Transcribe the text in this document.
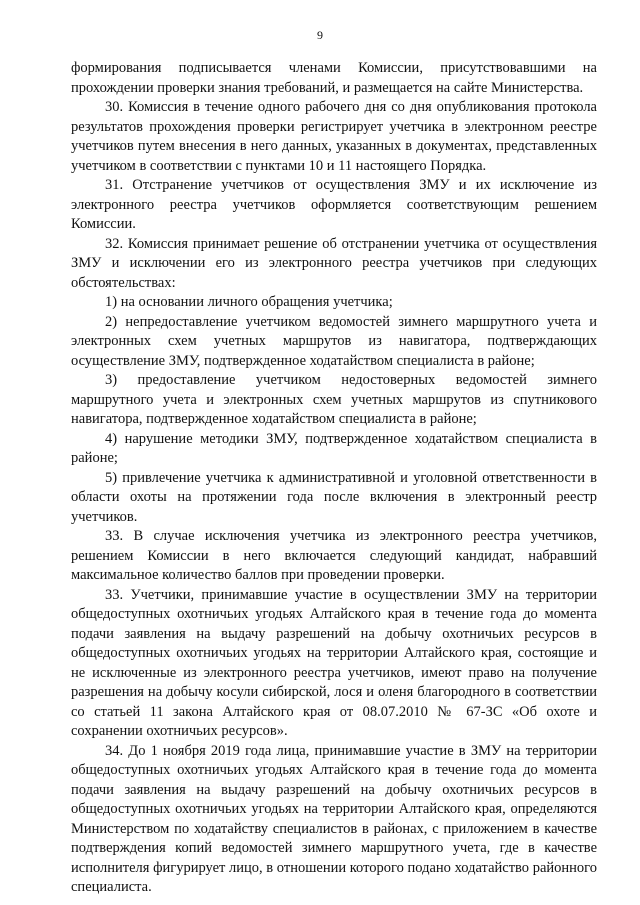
9

формирования подписывается членами Комиссии, присутствовавшими на прохождении проверки знания требований, и размещается на сайте Министерства.

30. Комиссия в течение одного рабочего дня со дня опубликования протокола результатов прохождения проверки регистрирует учетчика в электронном реестре учетчиков путем внесения в него данных, указанных в документах, представленных учетчиком в соответствии с пунктами 10 и 11 настоящего Порядка.

31. Отстранение учетчиков от осуществления ЗМУ и их исключение из электронного реестра учетчиков оформляется соответствующим решением Комиссии.

32. Комиссия принимает решение об отстранении учетчика от осуществления ЗМУ и исключении его из электронного реестра учетчиков при следующих обстоятельствах:

1) на основании личного обращения учетчика;

2) непредоставление учетчиком ведомостей зимнего маршрутного учета и электронных схем учетных маршрутов из навигатора, подтверждающих осуществление ЗМУ, подтвержденное ходатайством специалиста в районе;

3) предоставление учетчиком недостоверных ведомостей зимнего маршрутного учета и электронных схем учетных маршрутов из спутникового навигатора, подтвержденное ходатайством специалиста в районе;

4) нарушение методики ЗМУ, подтвержденное ходатайством специалиста в районе;

5) привлечение учетчика к административной и уголовной ответственности в области охоты на протяжении года после включения в электронный реестр учетчиков.

33. В случае исключения учетчика из электронного реестра учетчиков, решением Комиссии в него включается следующий кандидат, набравший максимальное количество баллов при проведении проверки.

33. Учетчики, принимавшие участие в осуществлении ЗМУ на территории общедоступных охотничьих угодьях Алтайского края в течение года до момента подачи заявления на выдачу разрешений на добычу охотничьих ресурсов в общедоступных охотничьих угодьях на территории Алтайского края, состоящие и не исключенные из электронного реестра учетчиков, имеют право на получение разрешения на добычу косули сибирской, лося и оленя благородного в соответствии со статьей 11 закона Алтайского края от 08.07.2010 № 67-ЗС «Об охоте и сохранении охотничьих ресурсов».

34. До 1 ноября 2019 года лица, принимавшие участие в ЗМУ на территории общедоступных охотничьих угодьях Алтайского края в течение года до момента подачи заявления на выдачу разрешений на добычу охотничьих ресурсов в общедоступных охотничьих угодьях на территории Алтайского края, определяются Министерством по ходатайству специалистов в районах, с приложением в качестве подтверждения копий ведомостей зимнего маршрутного учета, где в качестве исполнителя фигурирует лицо, в отношении которого подано ходатайство районного специалиста.
